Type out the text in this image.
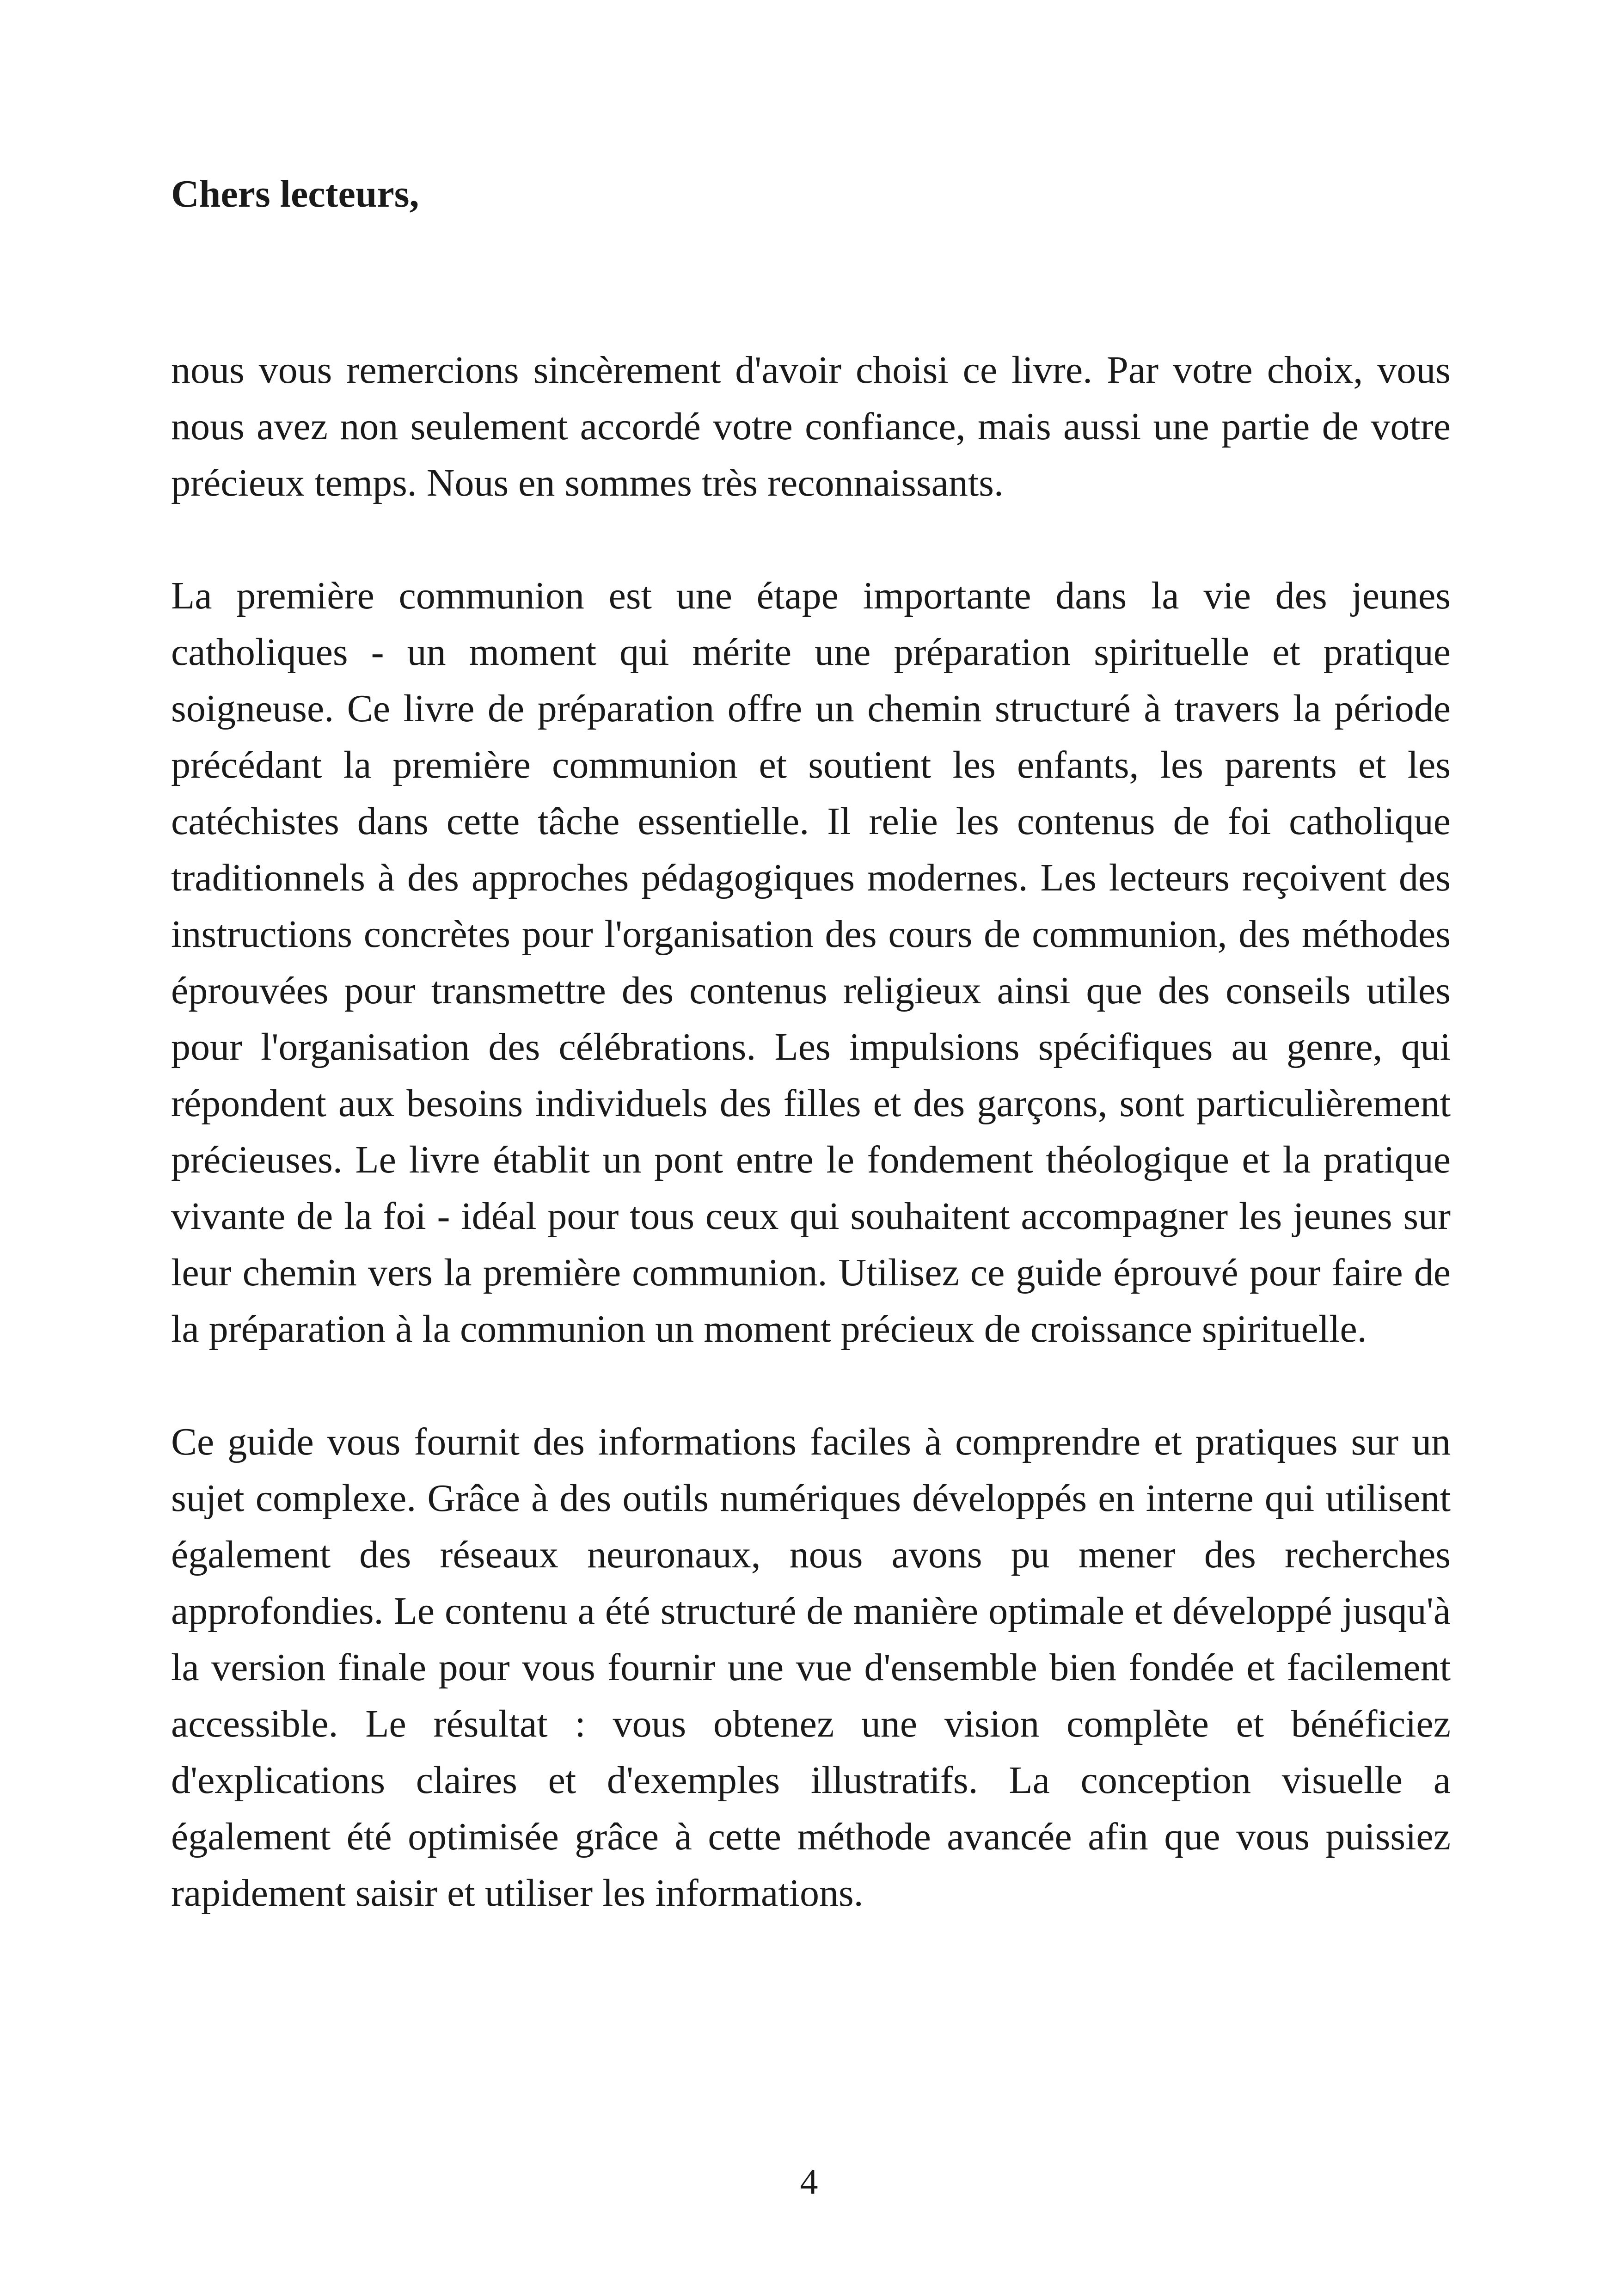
Chers lecteurs,

nous vous remercions sincèrement d'avoir choisi ce livre. Par votre choix, vous nous avez non seulement accordé votre confiance, mais aussi une partie de votre précieux temps. Nous en sommes très reconnaissants.

La première communion est une étape importante dans la vie des jeunes catholiques - un moment qui mérite une préparation spirituelle et pratique soigneuse. Ce livre de préparation offre un chemin structuré à travers la période précédant la première communion et soutient les enfants, les parents et les catéchistes dans cette tâche essentielle. Il relie les contenus de foi catholique traditionnels à des approches pédagogiques modernes. Les lecteurs reçoivent des instructions concrètes pour l'organisation des cours de communion, des méthodes éprouvées pour transmettre des contenus religieux ainsi que des conseils utiles pour l'organisation des célébrations. Les impulsions spécifiques au genre, qui répondent aux besoins individuels des filles et des garçons, sont particulièrement précieuses. Le livre établit un pont entre le fondement théologique et la pratique vivante de la foi - idéal pour tous ceux qui souhaitent accompagner les jeunes sur leur chemin vers la première communion. Utilisez ce guide éprouvé pour faire de la préparation à la communion un moment précieux de croissance spirituelle.

Ce guide vous fournit des informations faciles à comprendre et pratiques sur un sujet complexe. Grâce à des outils numériques développés en interne qui utilisent également des réseaux neuronaux, nous avons pu mener des recherches approfondies. Le contenu a été structuré de manière optimale et développé jusqu'à la version finale pour vous fournir une vue d'ensemble bien fondée et facilement accessible. Le résultat : vous obtenez une vision complète et bénéficiez d'explications claires et d'exemples illustratifs. La conception visuelle a également été optimisée grâce à cette méthode avancée afin que vous puissiez rapidement saisir et utiliser les informations.

4
